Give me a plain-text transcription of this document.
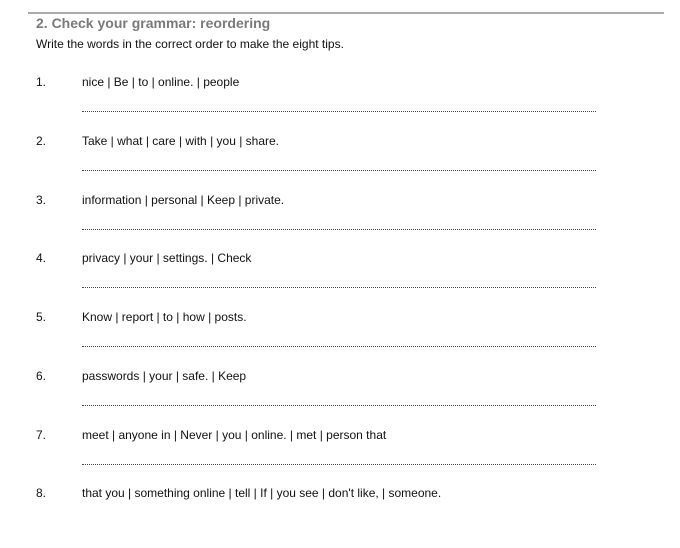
2. Check your grammar: reordering
Write the words in the correct order to make the eight tips.
1.	nice | Be | to | online. | people
2.	Take | what | care | with | you | share.
3.	information | personal | Keep | private.
4.	privacy | your | settings. | Check
5.	Know | report | to | how | posts.
6.	passwords | your | safe. | Keep
7.	meet | anyone in | Never | you | online. | met | person that
8.	that you | something online | tell | If | you see | don't like, | someone.
